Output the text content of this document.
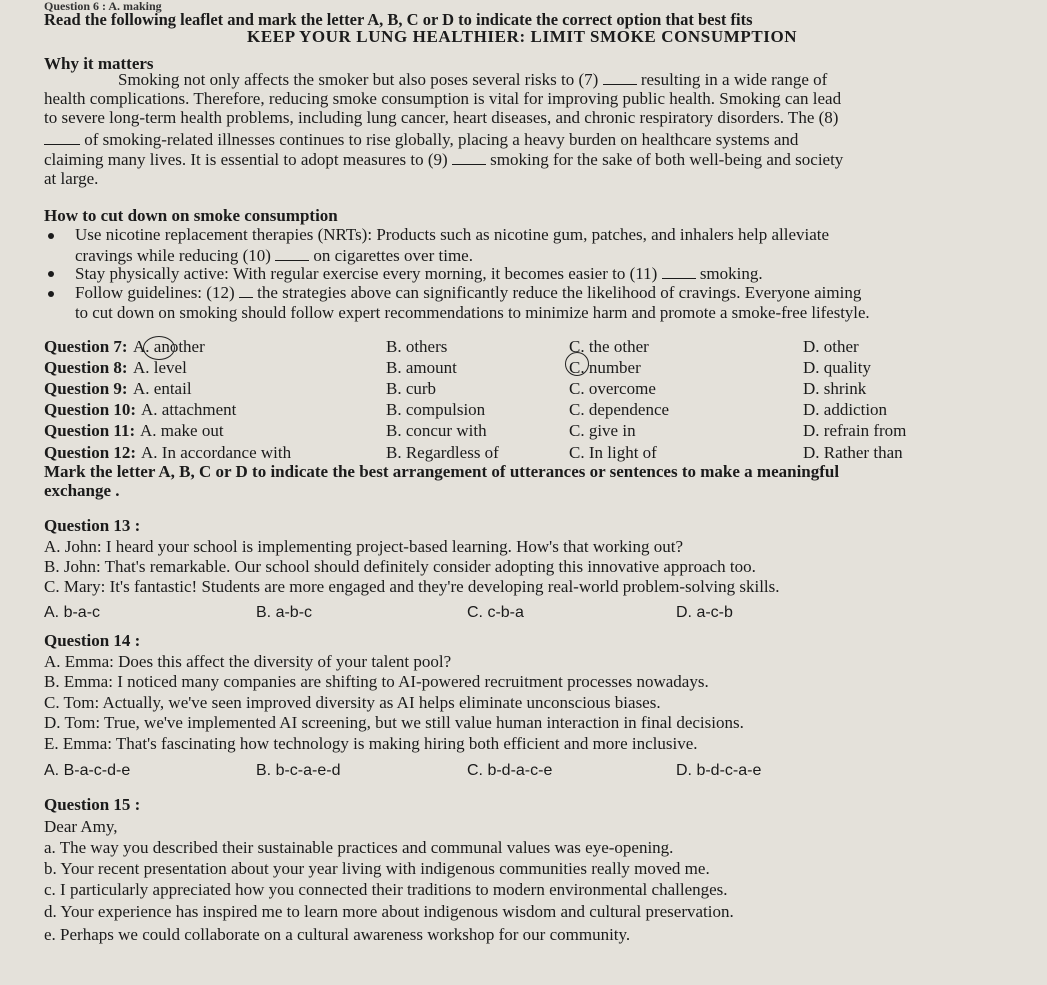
Question 6 : A. making
Read the following leaflet and mark the letter A, B, C or D to indicate the correct option that best fits
KEEP YOUR LUNG HEALTHIER: LIMIT SMOKE CONSUMPTION
Why it matters
Smoking not only affects the smoker but also poses several risks to (7)	resulting in a wide range of
health complications. Therefore, reducing smoke consumption is vital for improving public health. Smoking can lead
to severe long-term health problems, including lung cancer, heart diseases, and chronic respiratory disorders. The (8)
of smoking-related illnesses continues to rise globally, placing a heavy burden on healthcare systems and
claiming many lives. It is essential to adopt measures to (9)	smoking for the sake of both well-being and society
at large.
How to cut down on smoke consumption
Use nicotine replacement therapies (NRTs): Products such as nicotine gum, patches, and inhalers help alleviate
cravings while reducing (10)	on cigarettes over time.
Stay physically active: With regular exercise every morning, it becomes easier to (11)	smoking.
Follow guidelines: (12) the strategies above can significantly reduce the likelihood of cravings. Everyone aiming
to cut down on smoking should follow expert recommendations to minimize harm and promote a smoke-free lifestyle.
Question 7: A. another	B. others	C. the other	D. other
Question 8: A. level	B. amount	C. number	D. quality
Question 9: A. entail	B. curb	C. overcome	D. shrink
Question 10: A. attachment	B. compulsion	C. dependence	D. addiction
Question 11: A. make out	B. concur with	C. give in	D. refrain from
Question 12: A. In accordance with	B. Regardless of	C. In light of	D. Rather than
Mark the letter A, B, C or D to indicate the best arrangement of utterances or sentences to make a meaningful
exchange .
Question 13 :
A. John: I heard your school is implementing project-based learning. How's that working out?
B. John: That's remarkable. Our school should definitely consider adopting this innovative approach too.
C. Mary: It's fantastic! Students are more engaged and they're developing real-world problem-solving skills.
A. b-a-c	B. a-b-c	C. c-b-a	D. a-c-b
Question 14 :
A. Emma: Does this affect the diversity of your talent pool?
B. Emma: I noticed many companies are shifting to AI-powered recruitment processes nowadays.
C. Tom: Actually, we've seen improved diversity as AI helps eliminate unconscious biases.
D. Tom: True, we've implemented AI screening, but we still value human interaction in final decisions.
E. Emma: That's fascinating how technology is making hiring both efficient and more inclusive.
A. B-a-c-d-e	B. b-c-a-e-d	C. b-d-a-c-e	D. b-d-c-a-e
Question 15 :
Dear Amy,
a. The way you described their sustainable practices and communal values was eye-opening.
b. Your recent presentation about your year living with indigenous communities really moved me.
c. I particularly appreciated how you connected their traditions to modern environmental challenges.
d. Your experience has inspired me to learn more about indigenous wisdom and cultural preservation.
e. Perhaps we could collaborate on a cultural awareness workshop for our community.
